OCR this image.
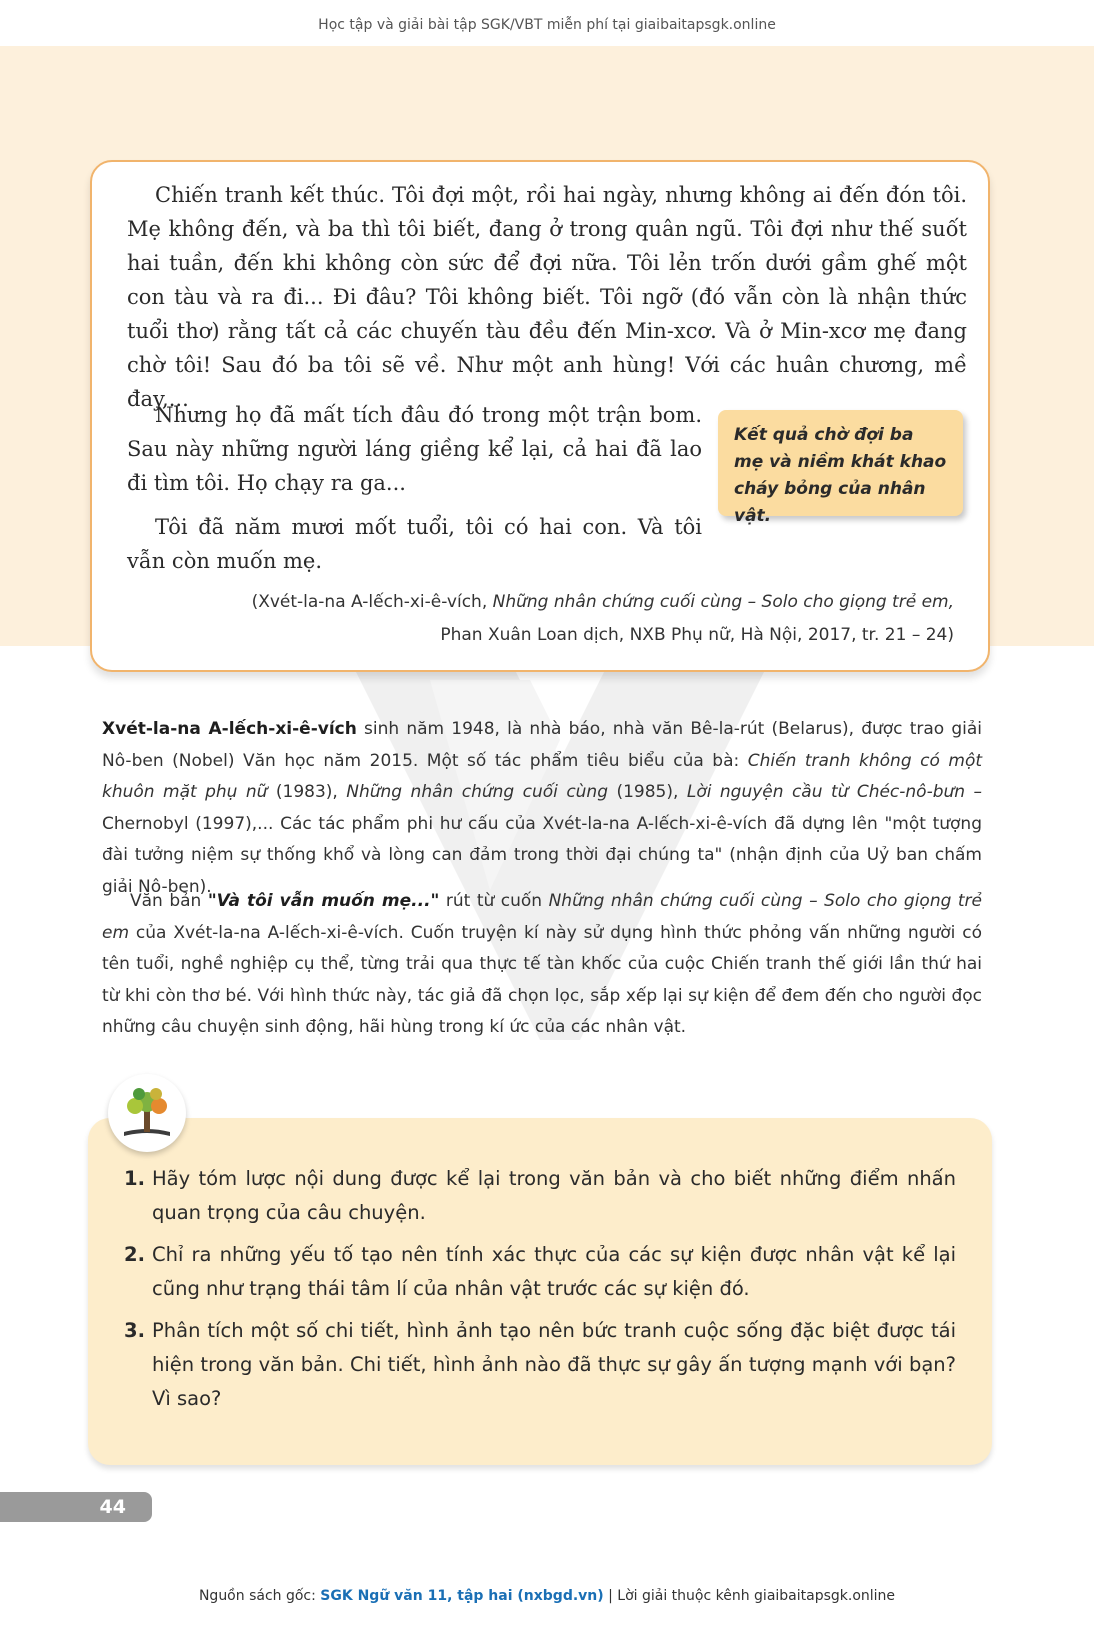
Học tập và giải bài tập SGK/VBT miễn phí tại giaibaitapsgk.online

Chiến tranh kết thúc. Tôi đợi một, rồi hai ngày, nhưng không ai đến đón tôi. Mẹ không đến, và ba thì tôi biết, đang ở trong quân ngũ. Tôi đợi như thế suốt hai tuần, đến khi không còn sức để đợi nữa. Tôi lẻn trốn dưới gầm ghế một con tàu và ra đi... Đi đâu? Tôi không biết. Tôi ngỡ (đó vẫn còn là nhận thức tuổi thơ) rằng tất cả các chuyến tàu đều đến Min-xcơ. Và ở Min-xcơ mẹ đang chờ tôi! Sau đó ba tôi sẽ về. Như một anh hùng! Với các huân chương, mề đay,...

Nhưng họ đã mất tích đâu đó trong một trận bom. Sau này những người láng giềng kể lại, cả hai đã lao đi tìm tôi. Họ chạy ra ga...

Tôi đã năm mươi mốt tuổi, tôi có hai con. Và tôi vẫn còn muốn mẹ.

Kết quả chờ đợi ba mẹ và niềm khát khao cháy bỏng của nhân vật.
(Xvét-la-na A-lếch-xi-ê-vích, Những nhân chứng cuối cùng – Solo cho giọng trẻ em,
Phan Xuân Loan dịch, NXB Phụ nữ, Hà Nội, 2017, tr. 21 – 24)

Xvét-la-na A-lếch-xi-ê-vích sinh năm 1948, là nhà báo, nhà văn Bê-la-rút (Belarus), được trao giải Nô-ben (Nobel) Văn học năm 2015. Một số tác phẩm tiêu biểu của bà: Chiến tranh không có một khuôn mặt phụ nữ (1983), Những nhân chứng cuối cùng (1985), Lời nguyện cầu từ Chéc-nô-bưn – Chernobyl (1997),... Các tác phẩm phi hư cấu của Xvét-la-na A-lếch-xi-ê-vích đã dựng lên "một tượng đài tưởng niệm sự thống khổ và lòng can đảm trong thời đại chúng ta" (nhận định của Uỷ ban chấm giải Nô-ben).

Văn bản "Và tôi vẫn muốn mẹ..." rút từ cuốn Những nhân chứng cuối cùng – Solo cho giọng trẻ em của Xvét-la-na A-lếch-xi-ê-vích. Cuốn truyện kí này sử dụng hình thức phỏng vấn những người có tên tuổi, nghề nghiệp cụ thể, từng trải qua thực tế tàn khốc của cuộc Chiến tranh thế giới lần thứ hai từ khi còn thơ bé. Với hình thức này, tác giả đã chọn lọc, sắp xếp lại sự kiện để đem đến cho người đọc những câu chuyện sinh động, hãi hùng trong kí ức của các nhân vật.

1. Hãy tóm lược nội dung được kể lại trong văn bản và cho biết những điểm nhấn quan trọng của câu chuyện.
2. Chỉ ra những yếu tố tạo nên tính xác thực của các sự kiện được nhân vật kể lại cũng như trạng thái tâm lí của nhân vật trước các sự kiện đó.
3. Phân tích một số chi tiết, hình ảnh tạo nên bức tranh cuộc sống đặc biệt được tái hiện trong văn bản. Chi tiết, hình ảnh nào đã thực sự gây ấn tượng mạnh với bạn? Vì sao?
44
Nguồn sách gốc: SGK Ngữ văn 11, tập hai (nxbgd.vn) | Lời giải thuộc kênh giaibaitapsgk.online
